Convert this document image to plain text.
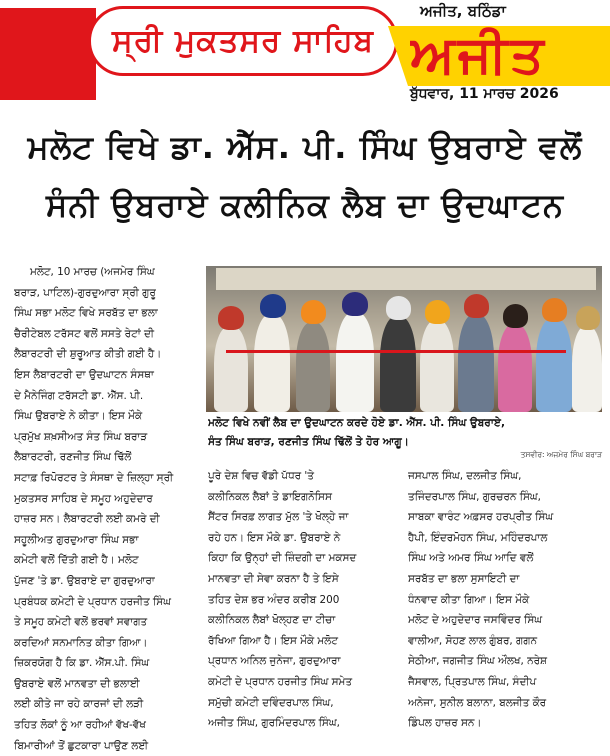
ਸ੍ਰੀ ਮੁਕਤਸਰ ਸਾਹਿਬ
ਅਜੀਤ, ਬਠਿੰਡਾ
ਅਜੀਤ
ਬੁੱਧਵਾਰ, 11 ਮਾਰਚ 2026
ਮਲੋਟ ਵਿਖੇ ਡਾ. ਐੱਸ. ਪੀ. ਸਿੰਘ ਉਬਰਾਏ ਵਲੋਂ
ਸੰਨੀ ਉਬਰਾਏ ਕਲੀਨਿਕ ਲੈਬ ਦਾ ਉਦਘਾਟਨ

ਮਲੋਟ, 10 ਮਾਰਚ (ਅਜਮੇਰ ਸਿੰਘ

ਬਰਾੜ, ਪਾਟਿਲ)-ਗੁਰਦੁਆਰਾ ਸ੍ਰੀ ਗੁਰੂ

ਸਿੰਘ ਸਭਾ ਮਲੋਟ ਵਿਖੇ ਸਰਬੱਤ ਦਾ ਭਲਾ

ਚੈਰੀਟੇਬਲ ਟਰੱਸਟ ਵਲੋਂ ਸਸਤੇ ਰੇਟਾਂ ਦੀ

ਲੈਬਾਰਟਰੀ ਦੀ ਸ਼ੁਰੂਆਤ ਕੀਤੀ ਗਈ ਹੈ।

ਇਸ ਲੈਬਾਰਟਰੀ ਦਾ ਉਦਘਾਟਨ ਸੰਸਥਾ

ਦੇ ਮੈਨੇਜਿੰਗ ਟਰੱਸਟੀ ਡਾ. ਐੱਸ. ਪੀ.

ਸਿੰਘ ਉਬਰਾਏ ਨੇ ਕੀਤਾ। ਇਸ ਮੌਕੇ

ਪ੍ਰਮੁੱਖ ਸ਼ਖ਼ਸੀਅਤ ਸੰਤ ਸਿੰਘ ਬਰਾੜ

ਲੈਬਾਰਟਰੀ, ਰਣਜੀਤ ਸਿੰਘ ਢਿੱਲੋਂ

ਸਟਾਫ਼ ਰਿਪੋਰਟਰ ਤੇ ਸੰਸਥਾ ਦੇ ਜ਼ਿਲ੍ਹਾ ਸ੍ਰੀ

ਮੁਕਤਸਰ ਸਾਹਿਬ ਦੇ ਸਮੂਹ ਅਹੁਦੇਦਾਰ

ਹਾਜ਼ਰ ਸਨ। ਲੈਬਾਰਟਰੀ ਲਈ ਕਮਰੇ ਦੀ

ਸਹੂਲੀਅਤ ਗੁਰਦੁਆਰਾ ਸਿੰਘ ਸਭਾ

ਕਮੇਟੀ ਵਲੋਂ ਦਿੱਤੀ ਗਈ ਹੈ। ਮਲੋਟ

ਪੁੱਜਣ 'ਤੇ ਡਾ. ਉਬਰਾਏ ਦਾ ਗੁਰਦੁਆਰਾ

ਪ੍ਰਬੰਧਕ ਕਮੇਟੀ ਦੇ ਪ੍ਰਧਾਨ ਹਰਜੀਤ ਸਿੰਘ

ਤੇ ਸਮੂਹ ਕਮੇਟੀ ਵਲੋਂ ਭਰਵਾਂ ਸਵਾਗਤ

ਕਰਦਿਆਂ ਸਨਮਾਨਿਤ ਕੀਤਾ ਗਿਆ।

ਜ਼ਿਕਰਯੋਗ ਹੈ ਕਿ ਡਾ. ਐੱਸ.ਪੀ. ਸਿੰਘ

ਉਬਰਾਏ ਵਲੋਂ ਮਾਨਵਤਾ ਦੀ ਭਲਾਈ

ਲਈ ਕੀਤੇ ਜਾ ਰਹੇ ਕਾਰਜਾਂ ਦੀ ਲੜੀ

ਤਹਿਤ ਲੋਕਾਂ ਨੂੰ ਆ ਰਹੀਆਂ ਵੱਖ-ਵੱਖ

ਬਿਮਾਰੀਆਂ ਤੋਂ ਛੁਟਕਾਰਾ ਪਾਉਣ ਲਈ

ਮਲੋਟ ਵਿਖੇ ਨਵੀਂ ਲੈਬ ਦਾ ਉਦਘਾਟਨ ਕਰਦੇ ਹੋਏ ਡਾ. ਐੱਸ. ਪੀ. ਸਿੰਘ ਉਬਰਾਏ,
ਸੰਤ ਸਿੰਘ ਬਰਾੜ, ਰਣਜੀਤ ਸਿੰਘ ਢਿੱਲੋਂ ਤੇ ਹੋਰ ਆਗੂ।
ਤਸਵੀਰ: ਅਜਮੇਰ ਸਿੰਘ ਬਰਾੜ

ਪੂਰੇ ਦੇਸ਼ ਵਿਚ ਵੱਡੀ ਪੱਧਰ 'ਤੇ

ਕਲੀਨਿਕਲ ਲੈਬਾਂ ਤੇ ਡਾਇਗਨੋਸਿਸ

ਸੈਂਟਰ ਸਿਰਫ਼ ਲਾਗਤ ਮੁੱਲ 'ਤੇ ਖੋਲ੍ਹੇ ਜਾ

ਰਹੇ ਹਨ। ਇਸ ਮੌਕੇ ਡਾ. ਉਬਰਾਏ ਨੇ

ਕਿਹਾ ਕਿ ਉਨ੍ਹਾਂ ਦੀ ਜ਼ਿੰਦਗੀ ਦਾ ਮਕਸਦ

ਮਾਨਵਤਾ ਦੀ ਸੇਵਾ ਕਰਨਾ ਹੈ ਤੇ ਇਸੇ

ਤਹਿਤ ਦੇਸ਼ ਭਰ ਅੰਦਰ ਕਰੀਬ 200

ਕਲੀਨਿਕਲ ਲੈਬਾਂ ਖੋਲ੍ਹਣ ਦਾ ਟੀਚਾ

ਰੱਖਿਆ ਗਿਆ ਹੈ। ਇਸ ਮੌਕੇ ਮਲੋਟ

ਪ੍ਰਧਾਨ ਅਨਿਲ ਜੁਨੇਜਾ, ਗੁਰਦੁਆਰਾ

ਕਮੇਟੀ ਦੇ ਪ੍ਰਧਾਨ ਹਰਜੀਤ ਸਿੰਘ ਸਮੇਤ

ਸਮੁੱਚੀ ਕਮੇਟੀ ਦਵਿੰਦਰਪਾਲ ਸਿੰਘ,

ਅਜੀਤ ਸਿੰਘ, ਗੁਰਮਿੰਦਰਪਾਲ ਸਿੰਘ,

ਜਸਪਾਲ ਸਿੰਘ, ਦਲਜੀਤ ਸਿੰਘ,

ਤਜਿੰਦਰਪਾਲ ਸਿੰਘ, ਗੁਰਚਰਨ ਸਿੰਘ,

ਸਾਬਕਾ ਵਾਰੰਟ ਅਫ਼ਸਰ ਹਰਪ੍ਰੀਤ ਸਿੰਘ

ਹੈਪੀ, ਇੰਦਰਮੋਹਨ ਸਿੰਘ, ਮਹਿੰਦਰਪਾਲ

ਸਿੰਘ ਅਤੇ ਅਮਰ ਸਿੰਘ ਆਦਿ ਵਲੋਂ

ਸਰਬੱਤ ਦਾ ਭਲਾ ਸੁਸਾਇਟੀ ਦਾ

ਧੰਨਵਾਦ ਕੀਤਾ ਗਿਆ। ਇਸ ਮੌਕੇ

ਮਲੋਟ ਦੇ ਅਹੁਦੇਦਾਰ ਜਸਵਿੰਦਰ ਸਿੰਘ

ਵਾਲੀਆ, ਸੋਹਣ ਲਾਲ ਗੁੰਬਰ, ਗਗਨ

ਸੇਠੀਆ, ਜਗਜੀਤ ਸਿੰਘ ਔਲਖ, ਨਰੇਸ਼

ਜੈਸਵਾਲ, ਪ੍ਰਿਤਪਾਲ ਸਿੰਘ, ਸੰਦੀਪ

ਅਨੇਜਾ, ਸੁਨੀਲ ਬਲਾਨਾ, ਬਲਜੀਤ ਕੌਰ

ਡਿੰਪਲ ਹਾਜ਼ਰ ਸਨ।
